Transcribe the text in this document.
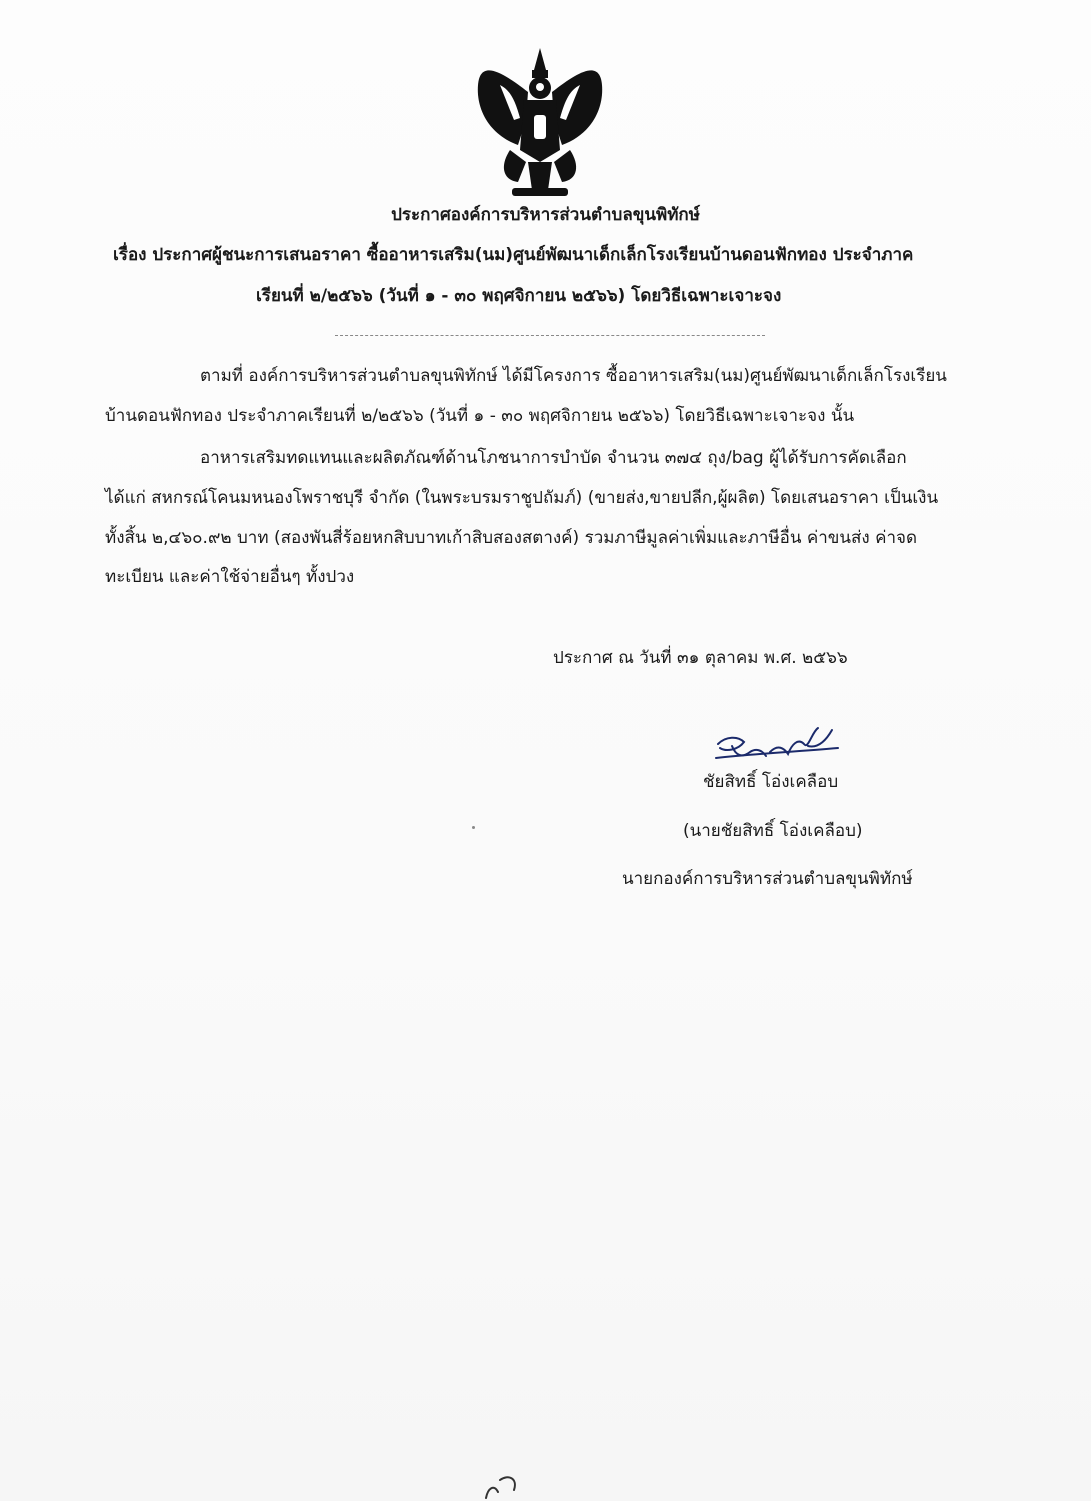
ประกาศองค์การบริหารส่วนตำบลขุนพิทักษ์
เรื่อง ประกาศผู้ชนะการเสนอราคา ซื้ออาหารเสริม(นม)ศูนย์พัฒนาเด็กเล็กโรงเรียนบ้านดอนฟักทอง ประจำภาค
เรียนที่ ๒/๒๕๖๖ (วันที่ ๑ - ๓๐ พฤศจิกายน ๒๕๖๖) โดยวิธีเฉพาะเจาะจง
ตามที่ องค์การบริหารส่วนตำบลขุนพิทักษ์ ได้มีโครงการ ซื้ออาหารเสริม(นม)ศูนย์พัฒนาเด็กเล็กโรงเรียน
บ้านดอนฟักทอง ประจำภาคเรียนที่ ๒/๒๕๖๖ (วันที่ ๑ - ๓๐ พฤศจิกายน ๒๕๖๖) โดยวิธีเฉพาะเจาะจง นั้น
อาหารเสริมทดแทนและผลิตภัณฑ์ด้านโภชนาการบำบัด จำนวน ๓๗๔ ถุง/bag ผู้ได้รับการคัดเลือก
ได้แก่ สหกรณ์โคนมหนองโพราชบุรี จำกัด (ในพระบรมราชูปถัมภ์) (ขายส่ง,ขายปลีก,ผู้ผลิต) โดยเสนอราคา เป็นเงิน
ทั้งสิ้น ๒,๔๖๐.๙๒ บาท (สองพันสี่ร้อยหกสิบบาทเก้าสิบสองสตางค์) รวมภาษีมูลค่าเพิ่มและภาษีอื่น ค่าขนส่ง ค่าจด
ทะเบียน และค่าใช้จ่ายอื่นๆ ทั้งปวง
ประกาศ ณ วันที่ ๓๑ ตุลาคม พ.ศ. ๒๕๖๖
ชัยสิทธิ์ โอ่งเคลือบ
(นายชัยสิทธิ์ โอ่งเคลือบ)
นายกองค์การบริหารส่วนตำบลขุนพิทักษ์
